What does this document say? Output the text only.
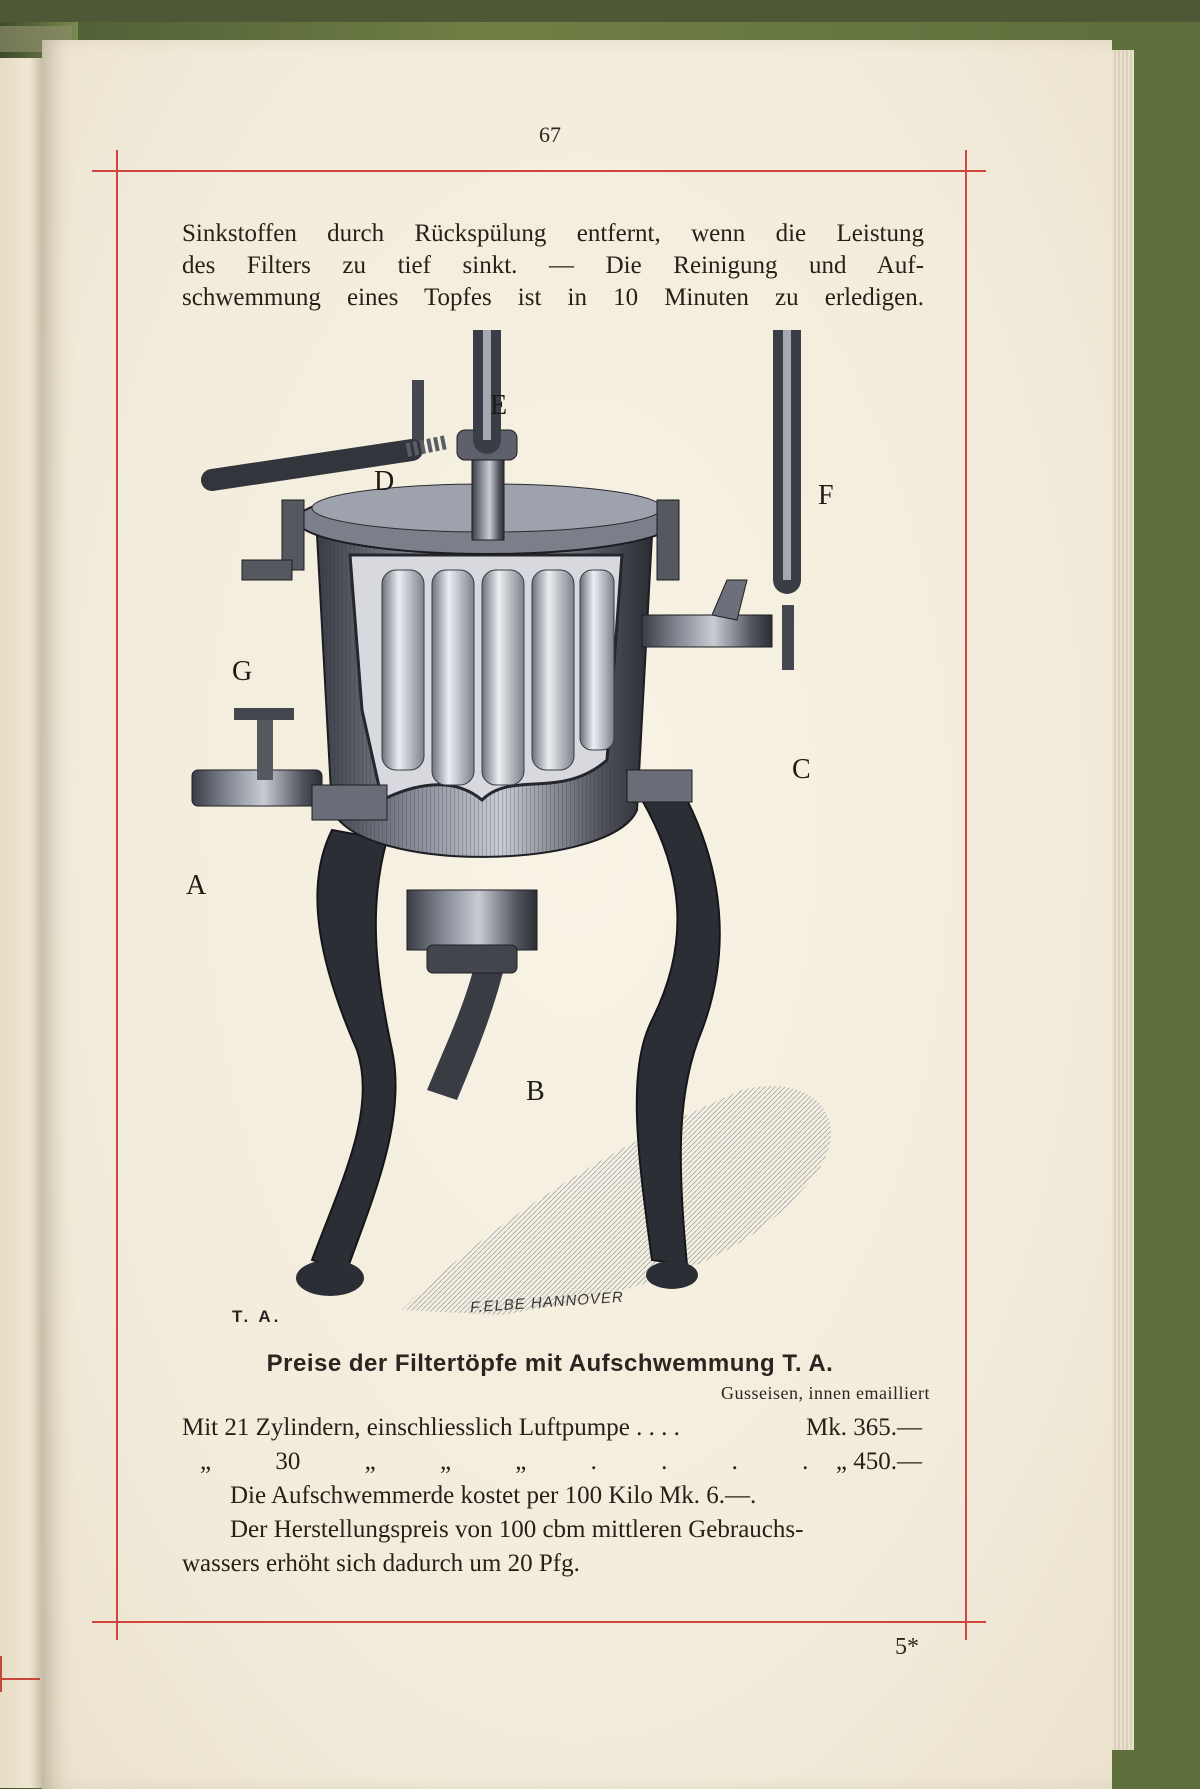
67
Sinkstoffen durch Rückspülung entfernt, wenn die Leistung
des Filters zu tief sinkt. — Die Reinigung und Auf-
schwemmung eines Topfes ist in 10 Minuten zu erledigen.
E
D	F
G
C
A
B
T. A.
F.ELBE HANNOVER
Preise der Filtertöpfe mit Aufschwemmung T. A.
Gusseisen, innen emailliert
Mit 21 Zylindern, einschliesslich Luftpumpe . . . .	Mk. 365.—
„ 30 „ „ „ . . . . „ 450.—
Die Aufschwemmerde kostet per 100 Kilo Mk. 6.—.
Der Herstellungspreis von 100 cbm mittleren Gebrauchs-
wassers erhöht sich dadurch um 20 Pfg.
5*
